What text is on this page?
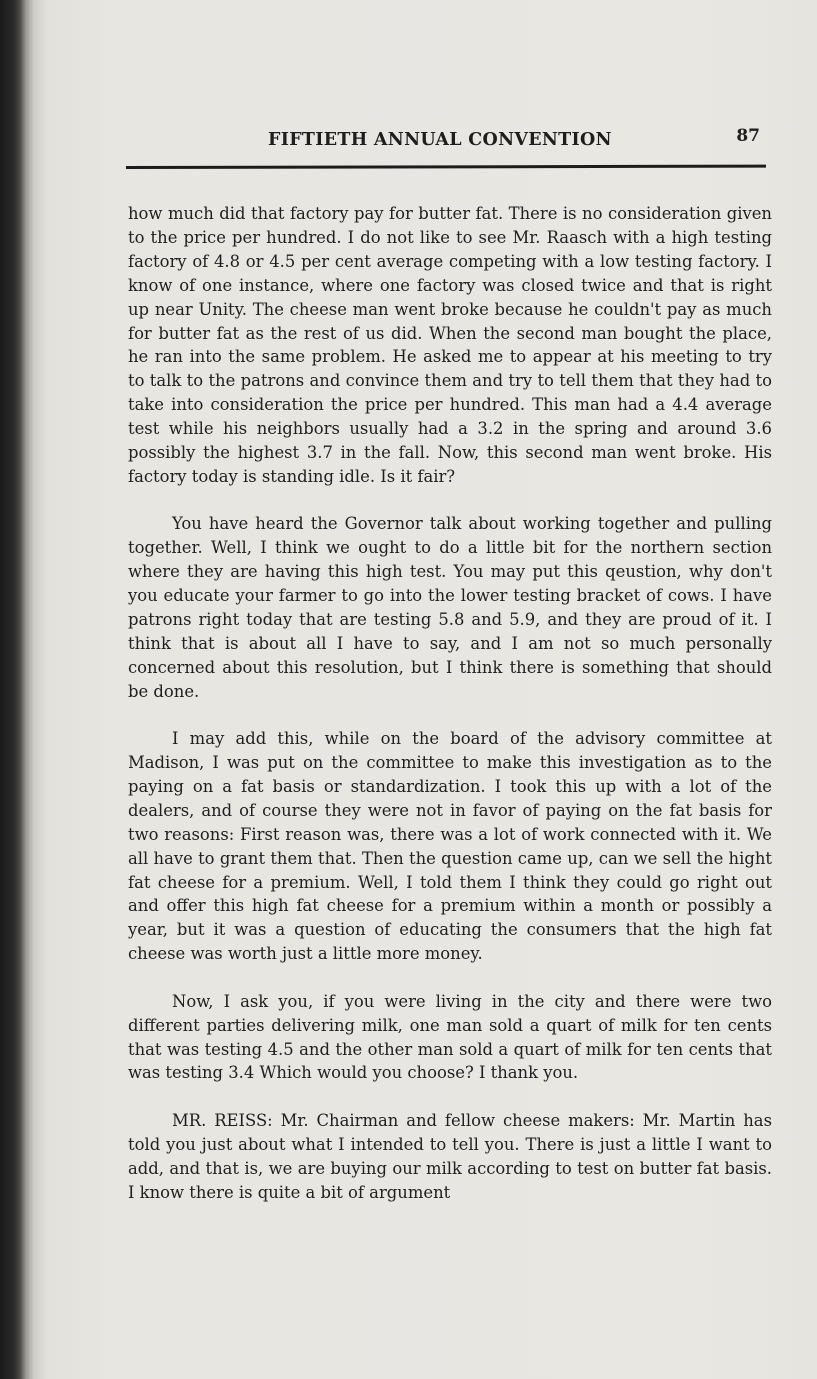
FIFTIETH ANNUAL CONVENTION	87

how much did that factory pay for butter fat. There is no consideration given to the price per hundred. I do not like to see Mr. Raasch with a high testing factory of 4.8 or 4.5 per cent average competing with a low testing factory. I know of one instance, where one factory was closed twice and that is right up near Unity. The cheese man went broke because he couldn't pay as much for butter fat as the rest of us did. When the second man bought the place, he ran into the same problem. He asked me to appear at his meeting to try to talk to the patrons and convince them and try to tell them that they had to take into consideration the price per hundred. This man had a 4.4 average test while his neighbors usually had a 3.2 in the spring and around 3.6 possibly the highest 3.7 in the fall. Now, this second man went broke. His factory today is standing idle. Is it fair?

You have heard the Governor talk about working together and pulling together. Well, I think we ought to do a little bit for the northern section where they are having this high test. You may put this qeustion, why don't you educate your farmer to go into the lower testing bracket of cows. I have patrons right today that are testing 5.8 and 5.9, and they are proud of it. I think that is about all I have to say, and I am not so much personally concerned about this resolution, but I think there is something that should be done.

I may add this, while on the board of the advisory committee at Madison, I was put on the committee to make this investigation as to the paying on a fat basis or standardization. I took this up with a lot of the dealers, and of course they were not in favor of paying on the fat basis for two reasons: First reason was, there was a lot of work connected with it. We all have to grant them that. Then the question came up, can we sell the hight fat cheese for a premium. Well, I told them I think they could go right out and offer this high fat cheese for a premium within a month or possibly a year, but it was a question of educating the consumers that the high fat cheese was worth just a little more money.

Now, I ask you, if you were living in the city and there were two different parties delivering milk, one man sold a quart of milk for ten cents that was testing 4.5 and the other man sold a quart of milk for ten cents that was testing 3.4 Which would you choose? I thank you.

MR. REISS: Mr. Chairman and fellow cheese makers: Mr. Martin has told you just about what I intended to tell you. There is just a little I want to add, and that is, we are buying our milk according to test on butter fat basis. I know there is quite a bit of argument
